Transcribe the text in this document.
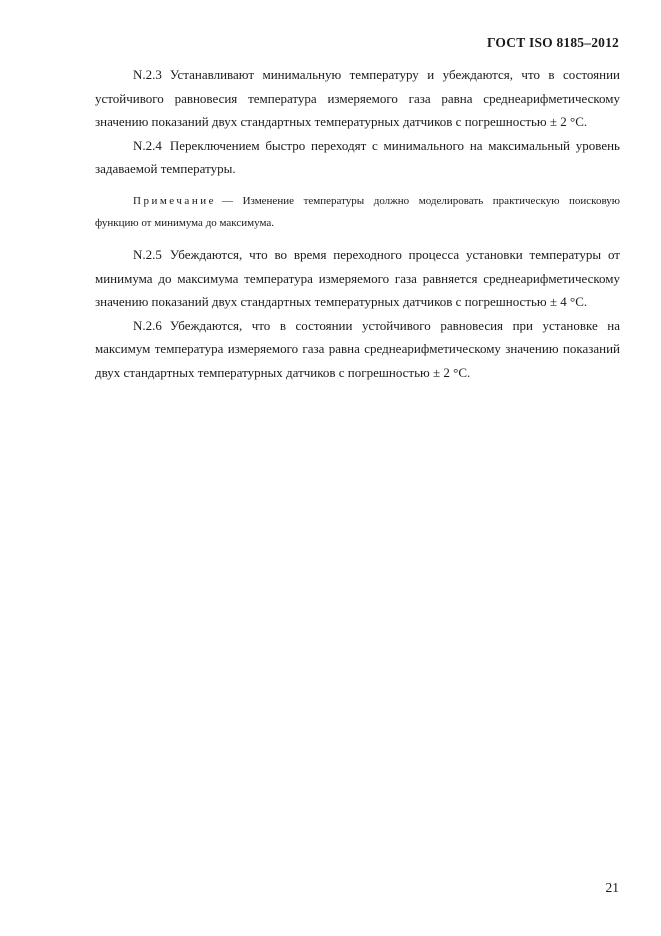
ГОСТ ISO 8185–2012

N.2.3 Устанавливают минимальную температуру и убеждаются, что в состоянии устойчивого равновесия температура измеряемого газа равна среднеарифметическому значению показаний двух стандартных температурных датчиков с погрешностью ± 2 °С.

N.2.4 Переключением быстро переходят с минимального на максимальный уровень задаваемой температуры.

Примечание — Изменение температуры должно моделировать практическую поисковую функцию от минимума до максимума.

N.2.5 Убеждаются, что во время переходного процесса установки температуры от минимума до максимума температура измеряемого газа равняется среднеарифметическому значению показаний двух стандартных температурных датчиков с погрешностью ± 4 °С.

N.2.6 Убеждаются, что в состоянии устойчивого равновесия при установке на максимум температура измеряемого газа равна среднеарифметическому значению показаний двух стандартных температурных датчиков с погрешностью ± 2 °С.

21
